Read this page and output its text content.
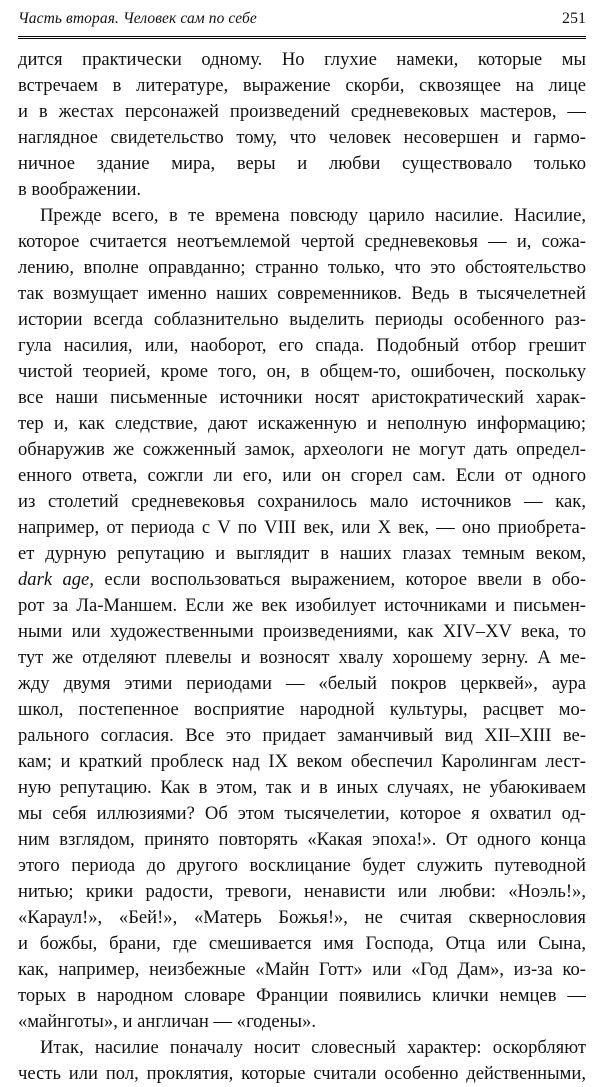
Часть вторая. Человек сам по себе	251
дится практически одному. Но глухие намеки, которые мы
встречаем в литературе, выражение скорби, сквозящее на лице
и в жестах персонажей произведений средневековых мастеров, —
наглядное свидетельство тому, что человек несовершен и гармо-
ничное здание мира, веры и любви существовало только
в воображении.
Прежде всего, в те времена повсюду царило насилие. Насилие,
которое считается неотъемлемой чертой средневековья — и, сожа-
лению, вполне оправданно; странно только, что это обстоятельство
так возмущает именно наших современников. Ведь в тысячелетней
истории всегда соблазнительно выделить периоды особенного раз-
гула насилия, или, наоборот, его спада. Подобный отбор грешит
чистой теорией, кроме того, он, в общем-то, ошибочен, поскольку
все наши письменные источники носят аристократический харак-
тер и, как следствие, дают искаженную и неполную информацию;
обнаружив же сожженный замок, археологи не могут дать определ-
енного ответа, сожгли ли его, или он сгорел сам. Если от одного
из столетий средневековья сохранилось мало источников — как,
например, от периода с V по VIII век, или X век, — оно приобрета-
ет дурную репутацию и выглядит в наших глазах темным веком,
dark age, если воспользоваться выражением, которое ввели в обо-
рот за Ла-Маншем. Если же век изобилует источниками и письмен-
ными или художественными произведениями, как XIV–XV века, то
тут же отделяют плевелы и возносят хвалу хорошему зерну. А ме-
жду двумя этими периодами — «белый покров церквей», аура
школ, постепенное восприятие народной культуры, расцвет мо-
рального согласия. Все это придает заманчивый вид XII–XIII ве-
кам; и краткий проблеск над IX веком обеспечил Каролингам лест-
ную репутацию. Как в этом, так и в иных случаях, не убаюкиваем
мы себя иллюзиями? Об этом тысячелетии, которое я охватил од-
ним взглядом, принято повторять «Какая эпоха!». От одного конца
этого периода до другого восклицание будет служить путеводной
нитью; крики радости, тревоги, ненависти или любви: «Ноэль!»,
«Караул!», «Бей!», «Матерь Божья!», не считая сквернословия
и божбы, брани, где смешивается имя Господа, Отца или Сына,
как, например, неизбежные «Майн Готт» или «Год Дам», из-за ко-
торых в народном словаре Франции появились клички немцев —
«майнготы», и англичан — «годены».
Итак, насилие поначалу носит словесный характер: оскорбляют
честь или пол, проклятия, которые считали особенно действенными,
